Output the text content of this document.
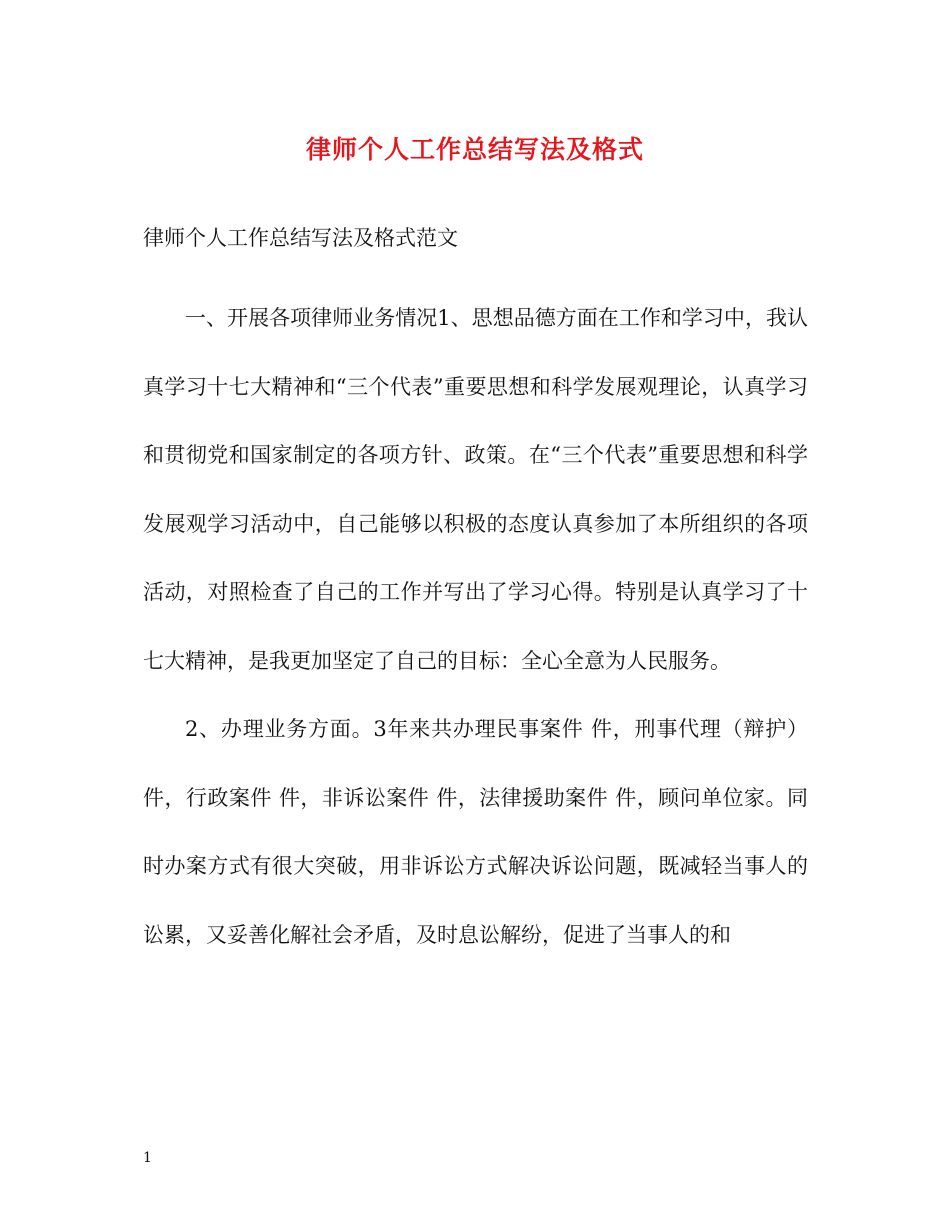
律师个人工作总结写法及格式
律师个人工作总结写法及格式范文

一、开展各项律师业务情况1、思想品德方面在工作和学习中，我认真学习十七大精神和“三个代表”重要思想和科学发展观理论，认真学习和贯彻党和国家制定的各项方针、政策。在“三个代表”重要思想和科学发展观学习活动中，自己能够以积极的态度认真参加了本所组织的各项活动，对照检查了自己的工作并写出了学习心得。特别是认真学习了十七大精神，是我更加坚定了自己的目标：全心全意为人民服务。

2、办理业务方面。3年来共办理民事案件 件，刑事代理（辩护）件，行政案件 件，非诉讼案件 件，法律援助案件 件，顾问单位家。同时办案方式有很大突破，用非诉讼方式解决诉讼问题，既减轻当事人的讼累，又妥善化解社会矛盾，及时息讼解纷，促进了当事人的和

1
